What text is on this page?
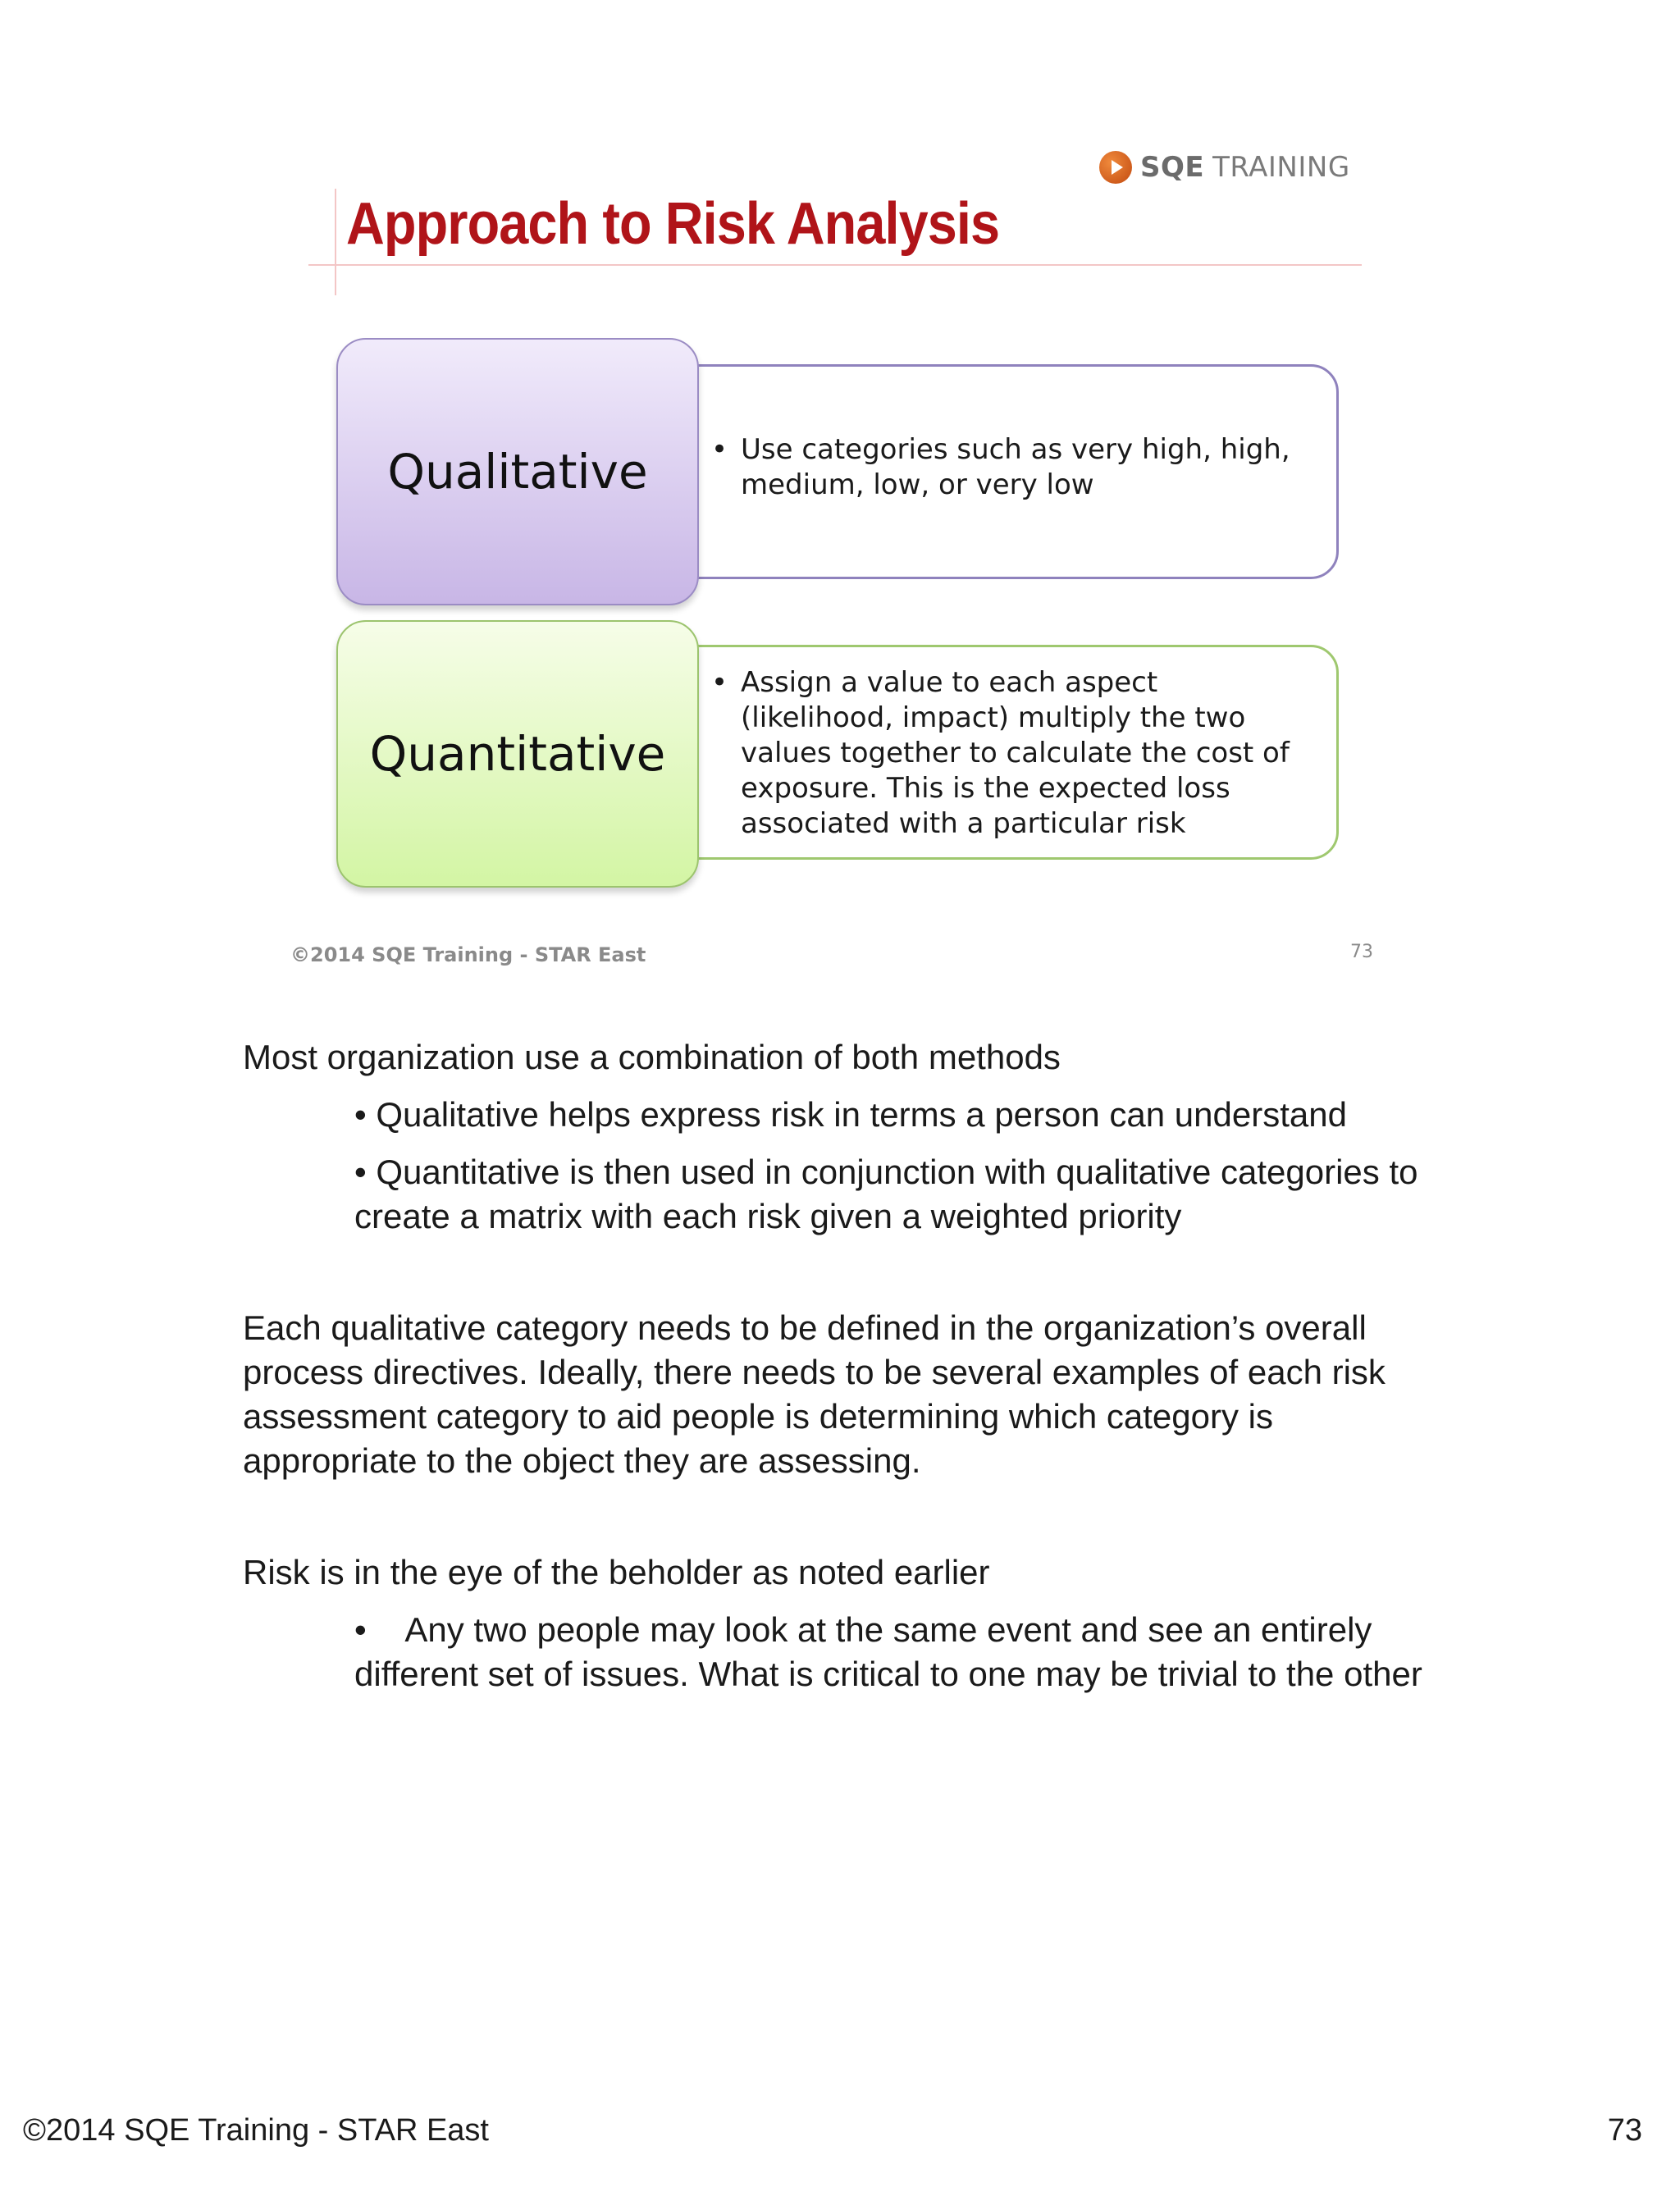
SQE TRAINING
Approach to Risk Analysis
• Use categories such as very high, high, medium, low, or very low
Qualitative
• Assign a value to each aspect (likelihood, impact) multiply the two values together to calculate the cost of exposure. This is the expected loss associated with a particular risk
Quantitative
©2014 SQE Training - STAR East	73

Most organization use a combination of both methods

• Qualitative helps express risk in terms a person can understand

• Quantitative is then used in conjunction with qualitative categories to create a matrix with each risk given a weighted priority

Each qualitative category needs to be defined in the organization’s overall process directives. Ideally, there needs to be several examples of each risk assessment category to aid people is determining which category is appropriate to the object they are assessing.

Risk is in the eye of the beholder as noted earlier

•    Any two people may look at the same event and see an entirely different set of issues. What is critical to one may be trivial to the other

©2014 SQE Training - STAR East	73
